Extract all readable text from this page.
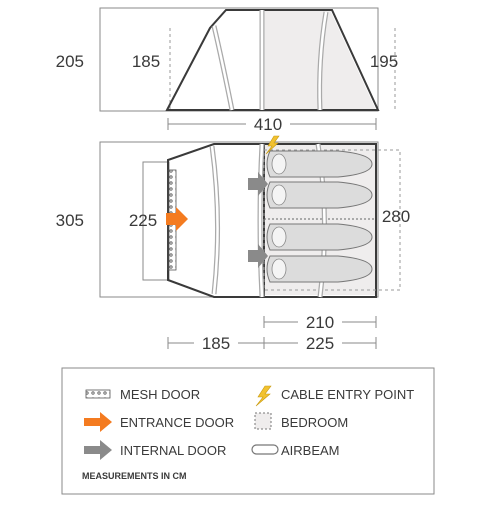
205	185	195
410
305	225	280
210
185	225
MESH DOOR
ENTRANCE DOOR
INTERNAL DOOR
CABLE ENTRY POINT
BEDROOM
AIRBEAM
MEASUREMENTS IN CM
